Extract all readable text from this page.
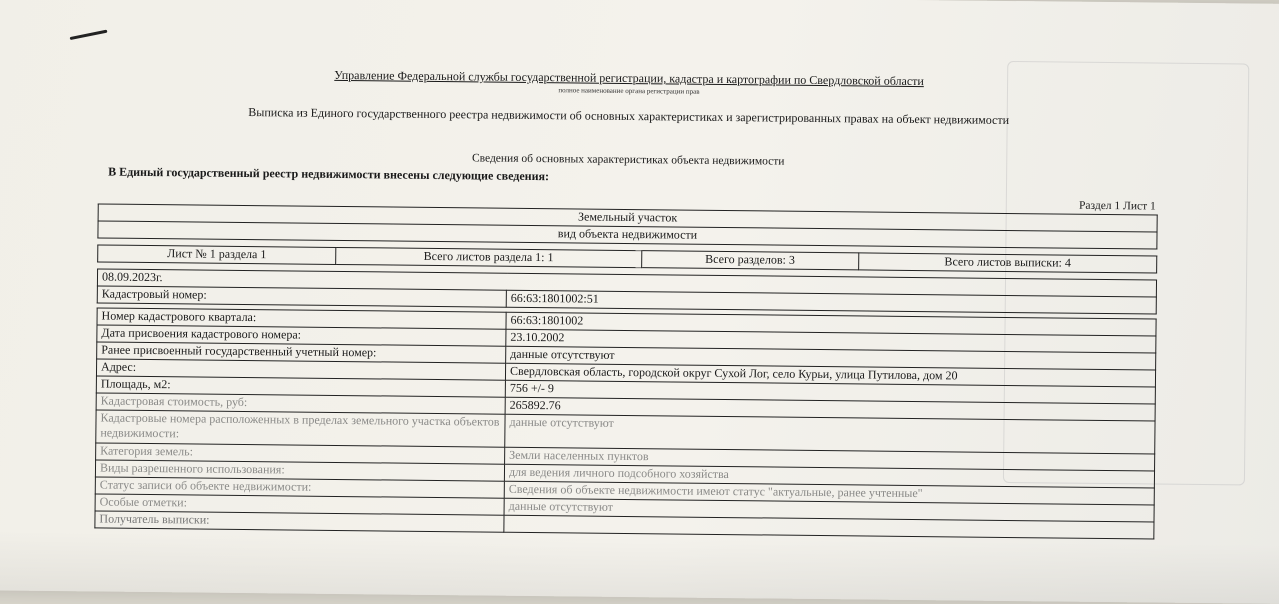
Управление Федеральной службы государственной регистрации, кадастра и картографии по Свердловской области
полное наименование органа регистрации прав
Выписка из Единого государственного реестра недвижимости об основных характеристиках и зарегистрированных правах на объект недвижимости
Сведения об основных характеристиках объекта недвижимости
В Единый государственный реестр недвижимости внесены следующие сведения:
Раздел 1 Лист 1
Земельный участок
вид объекта недвижимости
Лист № 1 раздела 1	Всего листов раздела 1: 1	Всего разделов: 3	Всего листов выписки: 4
08.09.2023г.
Кадастровый номер:	66:63:1801002:51
Номер кадастрового квартала:	66:63:1801002
Дата присвоения кадастрового номера:	23.10.2002
Ранее присвоенный государственный учетный номер:	данные отсутствуют
Адрес:	Свердловская область, городской округ Сухой Лог, село Курьи, улица Путилова, дом 20
Площадь, м2:	756 +/- 9
Кадастровая стоимость, руб:	265892.76
Кадастровые номера расположенных в пределах земельного участка объектов недвижимости:	данные отсутствуют
Категория земель:	Земли населенных пунктов
Виды разрешенного использования:	для ведения личного подсобного хозяйства
Статус записи об объекте недвижимости:	Сведения об объекте недвижимости имеют статус "актуальные, ранее учтенные"
Особые отметки:	данные отсутствуют
Получатель выписки:	
